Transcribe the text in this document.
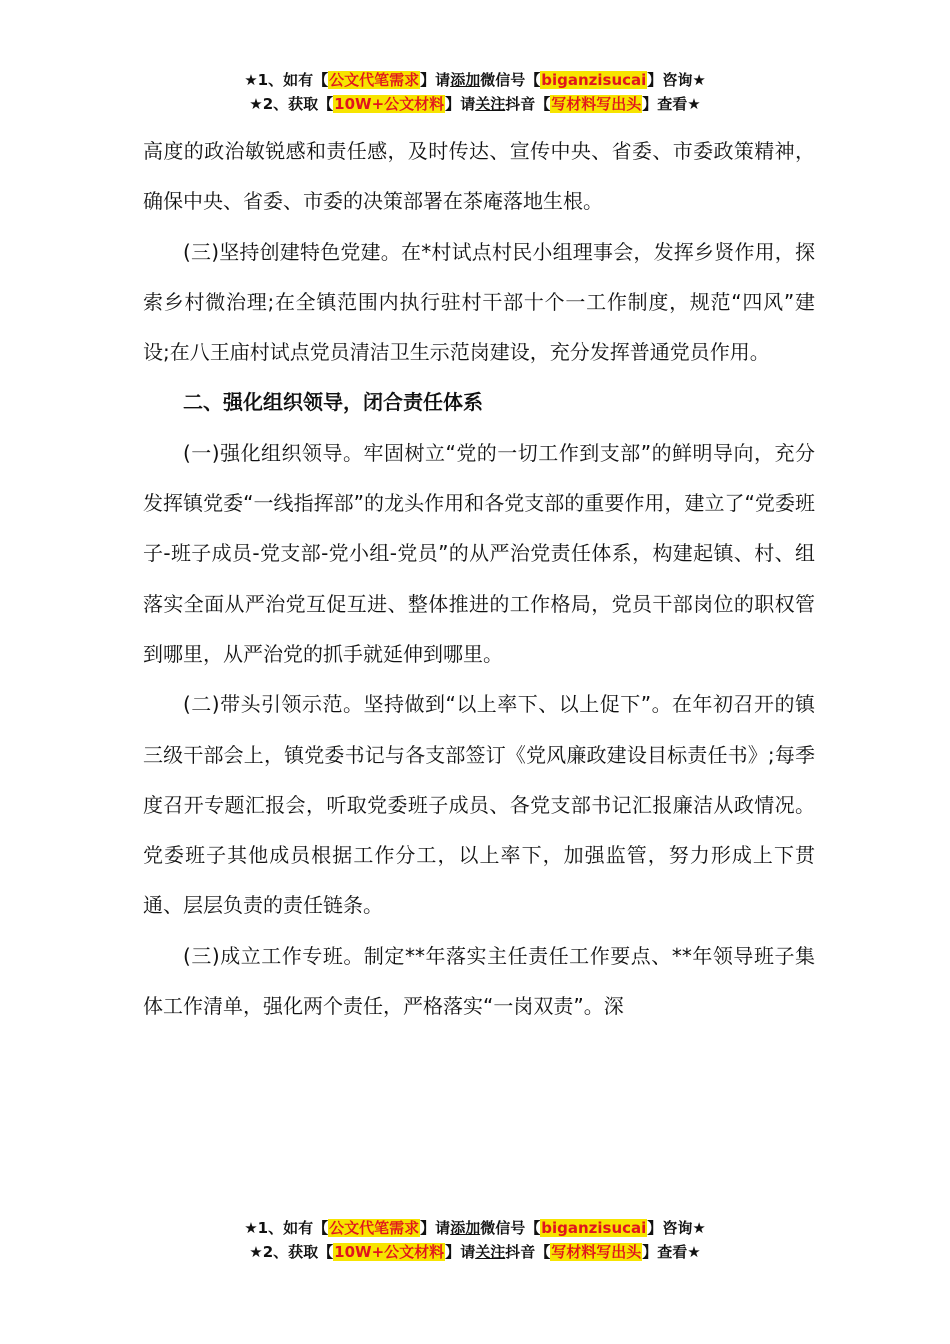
★1、如有【公文代笔需求】请添加微信号【biganzisucai】咨询★
★2、获取【10W+公文材料】请关注抖音【写材料写出头】查看★

高度的政治敏锐感和责任感，及时传达、宣传中央、省委、市委政策精神，确保中央、省委、市委的决策部署在茶庵落地生根。

(三)坚持创建特色党建。在*村试点村民小组理事会，发挥乡贤作用，探索乡村微治理;在全镇范围内执行驻村干部十个一工作制度，规范“四风”建设;在八王庙村试点党员清洁卫生示范岗建设，充分发挥普通党员作用。

二、强化组织领导，闭合责任体系

(一)强化组织领导。牢固树立“党的一切工作到支部”的鲜明导向，充分发挥镇党委“一线指挥部”的龙头作用和各党支部的重要作用，建立了“党委班子-班子成员-党支部-党小组-党员”的从严治党责任体系，构建起镇、村、组落实全面从严治党互促互进、整体推进的工作格局，党员干部岗位的职权管到哪里，从严治党的抓手就延伸到哪里。

(二)带头引领示范。坚持做到“以上率下、以上促下”。在年初召开的镇三级干部会上，镇党委书记与各支部签订《党风廉政建设目标责任书》;每季度召开专题汇报会，听取党委班子成员、各党支部书记汇报廉洁从政情况。党委班子其他成员根据工作分工，以上率下，加强监管，努力形成上下贯通、层层负责的责任链条。

(三)成立工作专班。制定**年落实主任责任工作要点、**年领导班子集体工作清单，强化两个责任，严格落实“一岗双责”。深

★1、如有【公文代笔需求】请添加微信号【biganzisucai】咨询★
★2、获取【10W+公文材料】请关注抖音【写材料写出头】查看★
